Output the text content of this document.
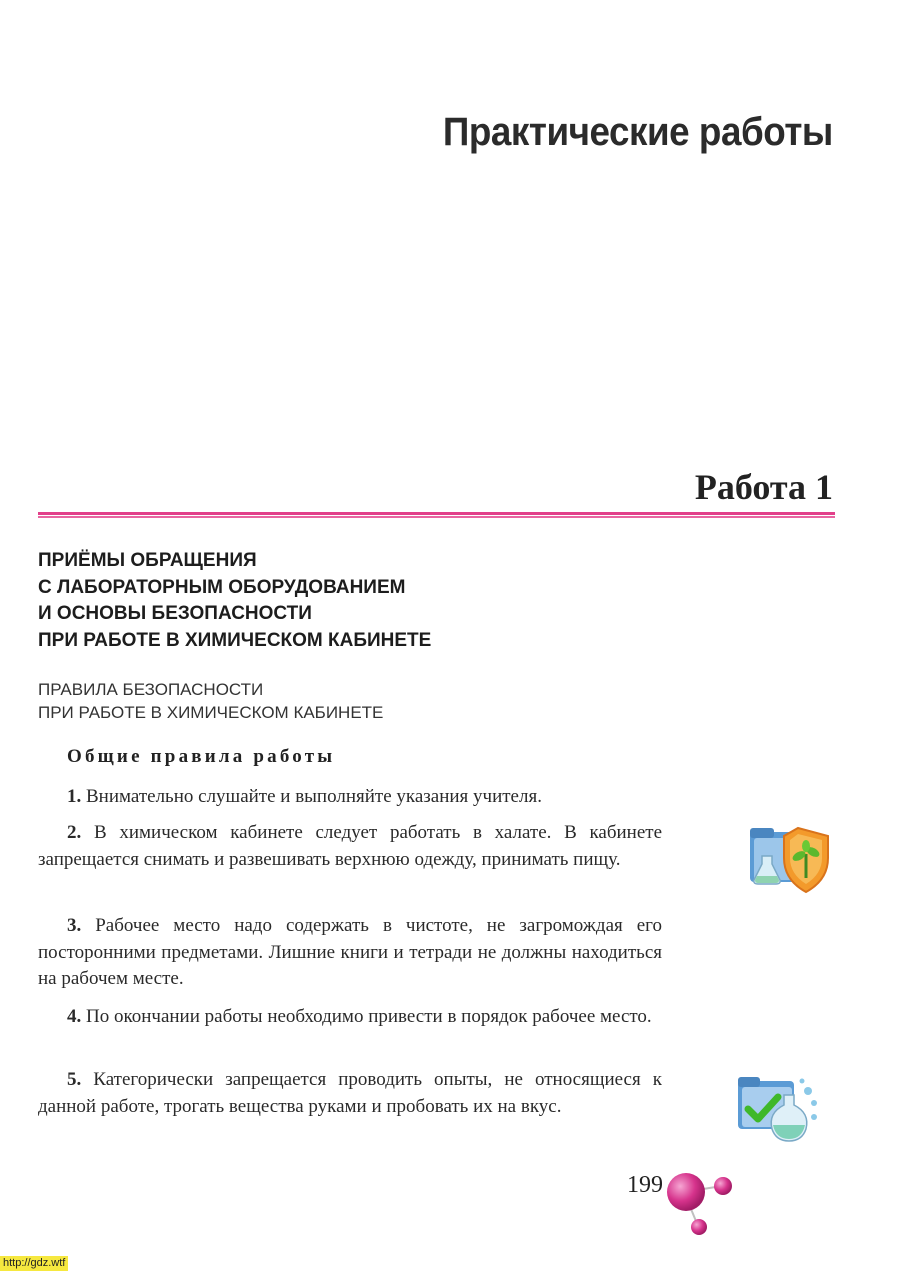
Практические работы
Работа 1
ПРИЁМЫ ОБРАЩЕНИЯ
С ЛАБОРАТОРНЫМ ОБОРУДОВАНИЕМ
И ОСНОВЫ БЕЗОПАСНОСТИ
ПРИ РАБОТЕ В ХИМИЧЕСКОМ КАБИНЕТЕ
ПРАВИЛА БЕЗОПАСНОСТИ
ПРИ РАБОТЕ В ХИМИЧЕСКОМ КАБИНЕТЕ
Общие правила работы

1. Внимательно слушайте и выполняйте указания учителя.

2. В химическом кабинете следует работать в халате. В кабинете запрещается снимать и развешивать верхнюю одежду, принимать пищу.

3. Рабочее место надо содержать в чистоте, не загромождая его посторонними предметами. Лишние книги и тетради не должны находиться на рабочем месте.

4. По окончании работы необходимо привести в порядок рабочее место.

5. Категорически запрещается проводить опыты, не относящиеся к данной работе, трогать вещества руками и пробовать их на вкус.

199
http://gdz.wtf
